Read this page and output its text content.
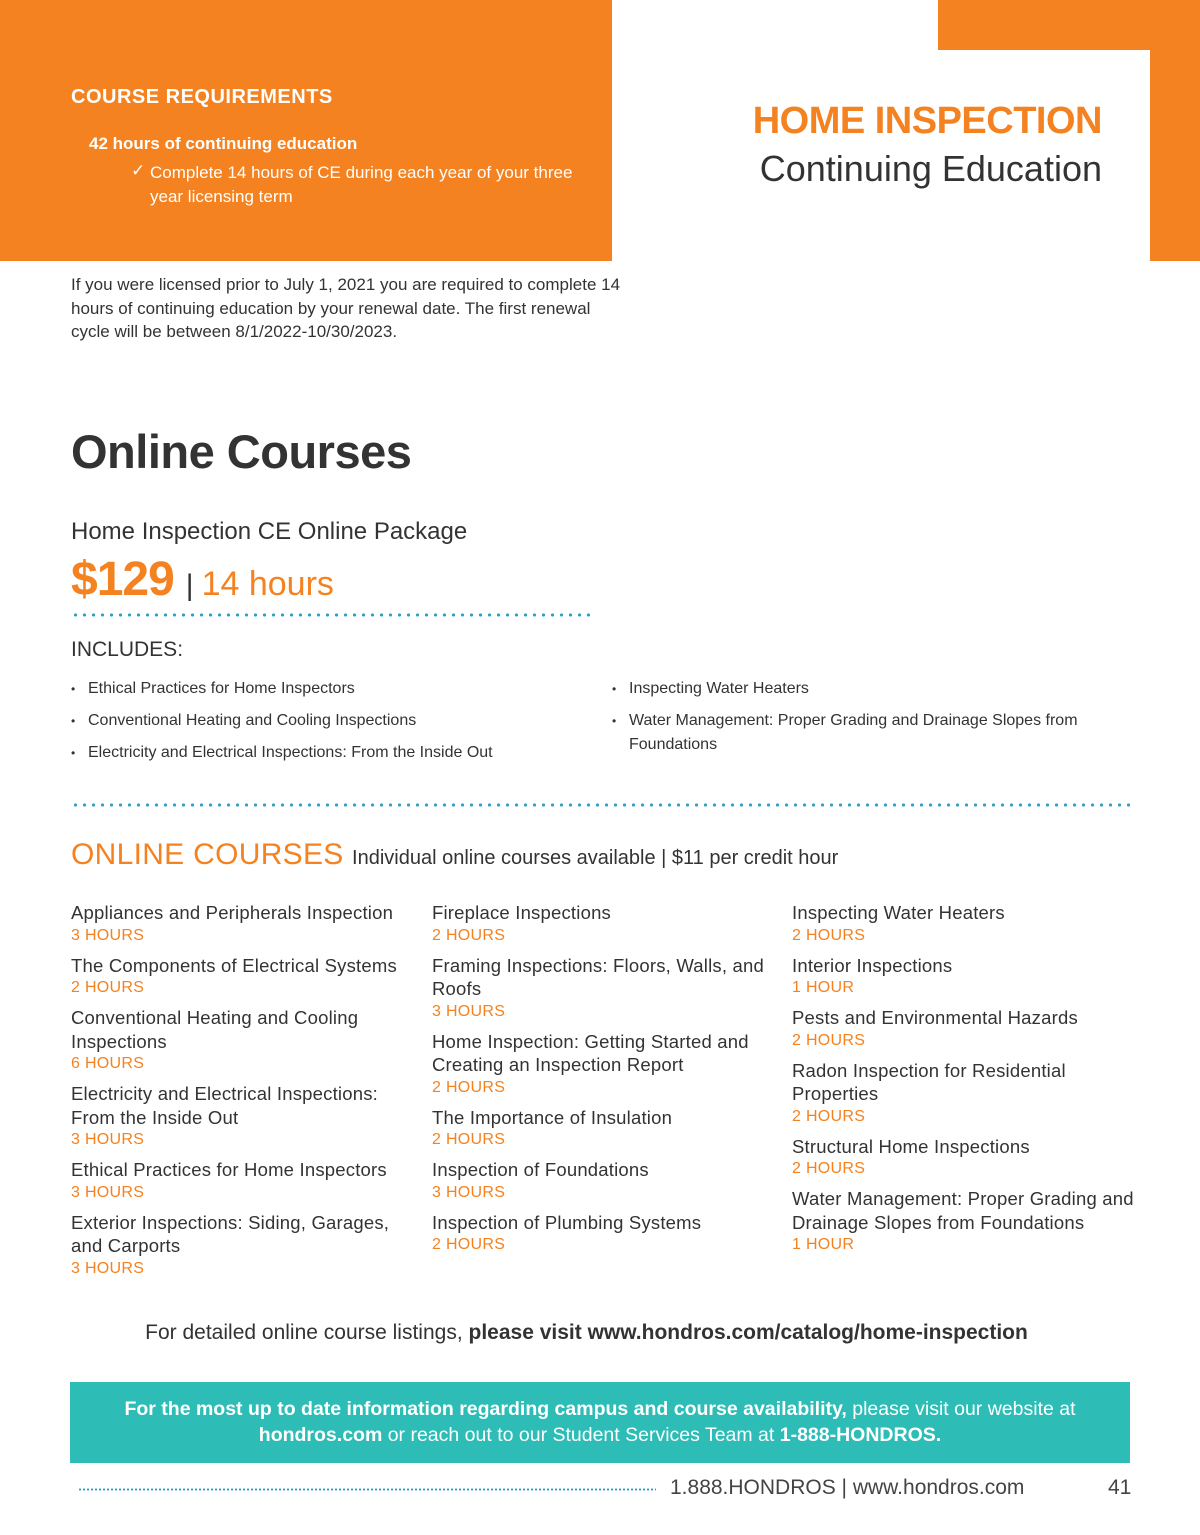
COURSE REQUIREMENTS
42 hours of continuing education
✓ Complete 14 hours of CE during each year of your three year licensing term
HOME INSPECTION
Continuing Education

If you were licensed prior to July 1, 2021 you are required to complete 14 hours of continuing education by your renewal date. The first renewal cycle will be between 8/1/2022-10/30/2023.

Online Courses
Home Inspection CE Online Package
$129 | 14 hours
INCLUDES:
• Ethical Practices for Home Inspectors
• Conventional Heating and Cooling Inspections
• Electricity and Electrical Inspections: From the Inside Out
• Inspecting Water Heaters
• Water Management: Proper Grading and Drainage Slopes from Foundations
ONLINE COURSES Individual online courses available | $11 per credit hour
Appliances and Peripherals Inspection
3 HOURS
The Components of Electrical Systems
2 HOURS
Conventional Heating and Cooling Inspections
6 HOURS
Electricity and Electrical Inspections: From the Inside Out
3 HOURS
Ethical Practices for Home Inspectors
3 HOURS
Exterior Inspections: Siding, Garages, and Carports
3 HOURS
Fireplace Inspections
2 HOURS
Framing Inspections: Floors, Walls, and Roofs
3 HOURS
Home Inspection: Getting Started and Creating an Inspection Report
2 HOURS
The Importance of Insulation
2 HOURS
Inspection of Foundations
3 HOURS
Inspection of Plumbing Systems
2 HOURS
Inspecting Water Heaters
2 HOURS
Interior Inspections
1 HOUR
Pests and Environmental Hazards
2 HOURS
Radon Inspection for Residential Properties
2 HOURS
Structural Home Inspections
2 HOURS
Water Management: Proper Grading and Drainage Slopes from Foundations
1 HOUR
For detailed online course listings, please visit www.hondros.com/catalog/home-inspection
For the most up to date information regarding campus and course availability, please visit our website at hondros.com or reach out to our Student Services Team at 1-888-HONDROS.
1.888.HONDROS | www.hondros.com	41
